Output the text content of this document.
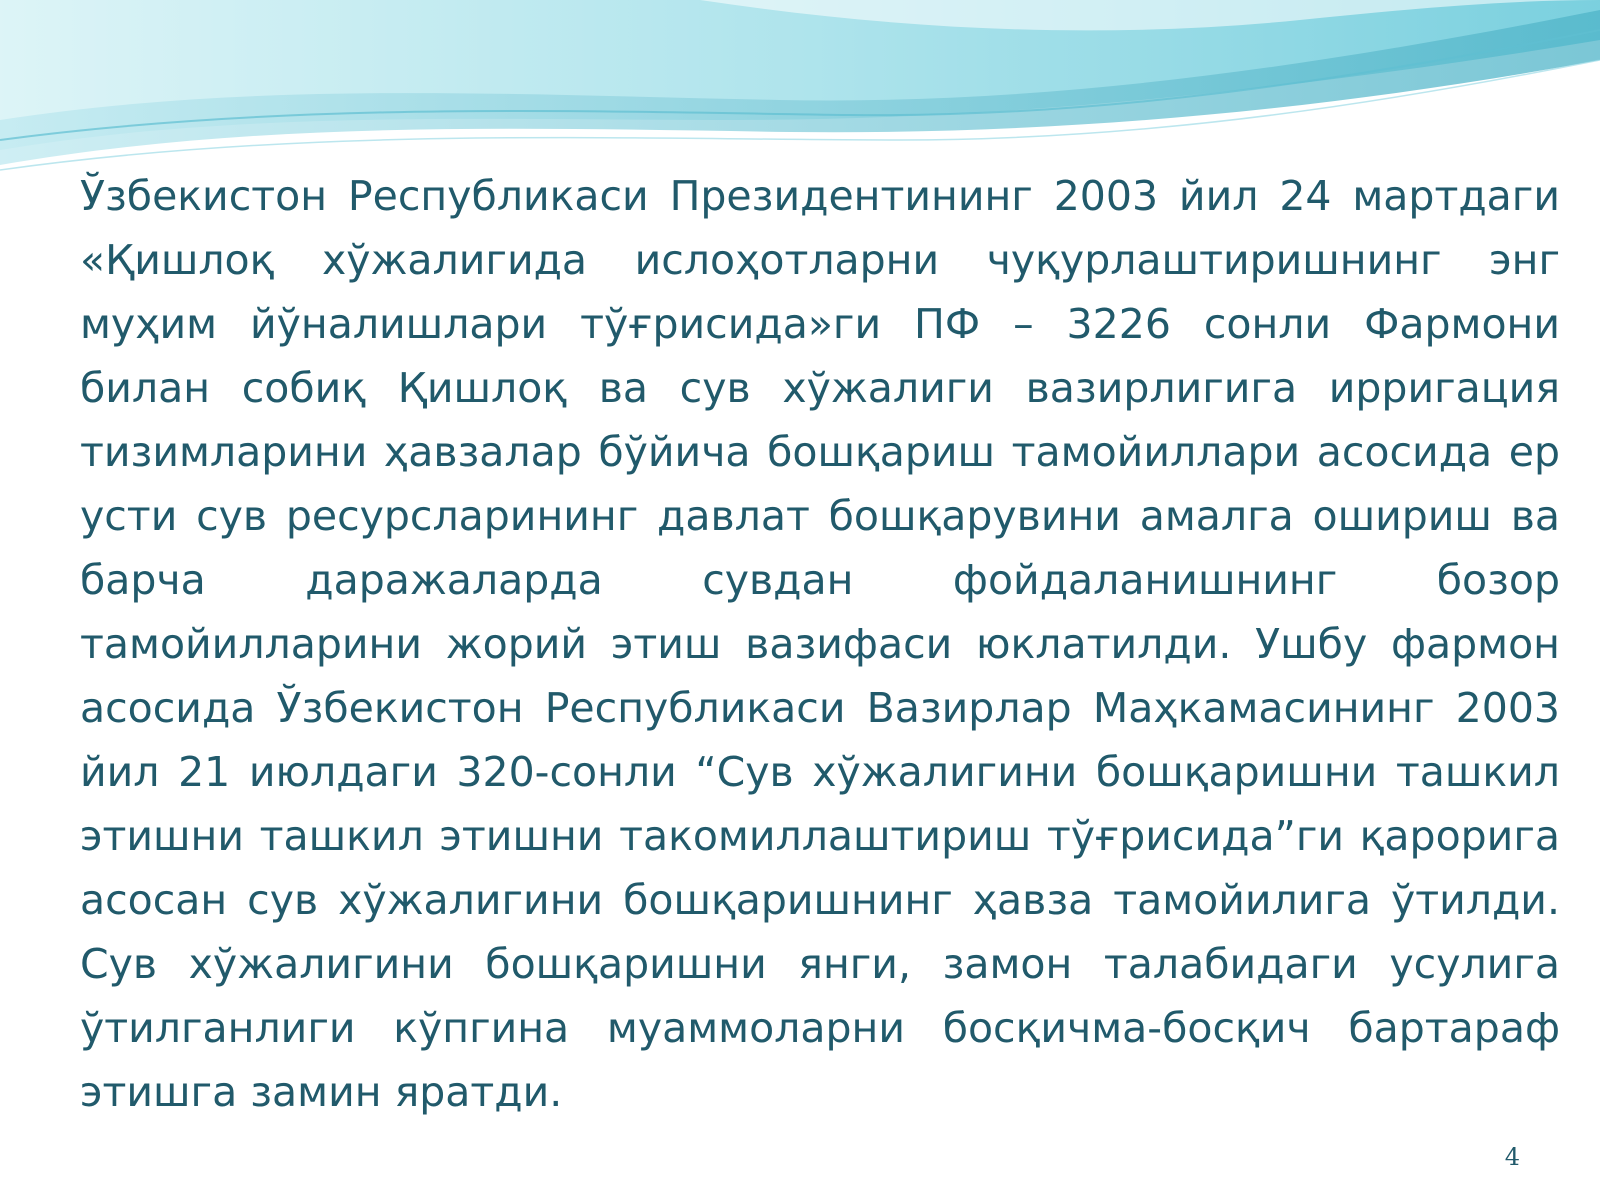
Ўзбекистон Республикаси Президентининг 2003 йил 24 мартдаги «Қишлоқ хўжалигида ислоҳотларни чуқурлаштиришнинг энг муҳим йўналишлари тўғрисида»ги ПФ – 3226 сонли Фармони билан собиқ Қишлоқ ва сув хўжалиги вазирлигига ирригация тизимларини ҳавзалар бўйича бошқариш тамойиллари асосида ер усти сув ресурсларининг давлат бошқарувини амалга ошириш ва барча даражаларда сувдан фойдаланишнинг бозор тамойилларини жорий этиш вазифаси юклатилди. Ушбу фармон асосида Ўзбекистон Республикаси Вазирлар Маҳкамасининг 2003 йил 21 июлдаги 320-сонли “Сув хўжалигини бошқаришни ташкил этишни ташкил этишни такомиллаштириш тўғрисида”ги қарорига асосан сув хўжалигини бошқаришнинг ҳавза тамойилига ўтилди. Сув хўжалигини бошқаришни янги, замон талабидаги усулига ўтилганлиги кўпгина муаммоларни босқичма-босқич бартараф этишга замин яратди.

4
